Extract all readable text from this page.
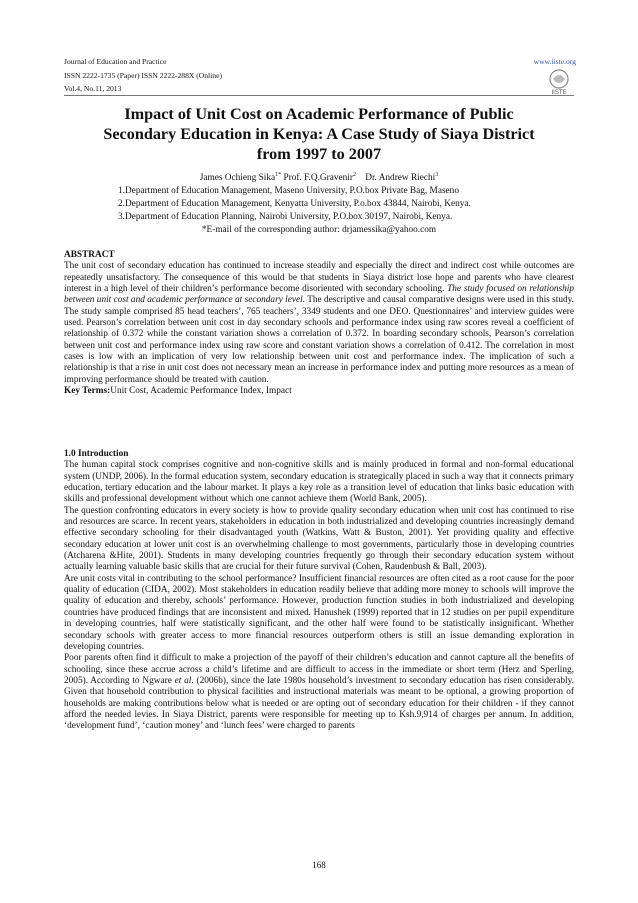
Journal of Education and Practice
ISSN 2222-1735 (Paper) ISSN 2222-288X (Online)
Vol.4, No.11, 2013
www.iiste.org
IISTE
Impact of Unit Cost on Academic Performance of Public
Secondary Education in Kenya: A Case Study of Siaya District
from 1997 to 2007
James Ochieng Sika$^{1*}$ Prof. F.Q.Gravenir$^2$ Dr. Andrew Riechi$^3$
1.Department of Education Management, Maseno University, P.O.box Private Bag, Maseno
2.Department of Education Management, Kenyatta University, P.o.box 43844, Nairobi, Kenya.
3.Department of Education Planning, Nairobi University, P.O.box 30197, Nairobi, Kenya.
*E-mail of the corresponding author: drjamessika@yahoo.com
ABSTRACT

The unit cost of secondary education has continued to increase steadily and especially the direct and indirect cost while outcomes are repeatedly unsatisfactory. The consequence of this would be that students in Siaya district lose hope and parents who have clearest interest in a high level of their children’s performance become disoriented with secondary schooling. The study focused on relationship between unit cost and academic performance at secondary level. The descriptive and causal comparative designs were used in this study. The study sample comprised 85 head teachers’, 765 teachers’, 3349 students and one DEO. Questionnaires’ and interview guides were used. Pearson’s correlation between unit cost in day secondary schools and performance index using raw scores reveal a coefficient of relationship of 0.372 while the constant variation shows a correlation of 0.372. In boarding secondary schools, Pearson’s correlation between unit cost and performance index using raw score and constant variation shows a correlation of 0.412. The correlation in most cases is low with an implication of very low relationship between unit cost and performance index. The implication of such a relationship is that a rise in unit cost does not necessary mean an increase in performance index and putting more resources as a mean of improving performance should be treated with caution.

Key Terms:Unit Cost, Academic Performance Index, Impact
1.0 Introduction

The human capital stock comprises cognitive and non-cognitive skills and is mainly produced in formal and non-formal educational system (UNDP, 2006). In the formal education system, secondary education is strategically placed in such a way that it connects primary education, tertiary education and the labour market. It plays a key role as a transition level of education that links basic education with skills and professional development without which one cannot achieve them (World Bank, 2005).

The question confronting educators in every society is how to provide quality secondary education when unit cost has continued to rise and resources are scarce. In recent years, stakeholders in education in both industrialized and developing countries increasingly demand effective secondary schooling for their disadvantaged youth (Watkins, Watt & Buston, 2001). Yet providing quality and effective secondary education at lower unit cost is an overwhelming challenge to most governments, particularly those in developing countries (Atcharena &Hite, 2001). Students in many developing countries frequently go through their secondary education system without actually learning valuable basic skills that are crucial for their future survival (Cohen, Raudenbush & Ball, 2003).

Are unit costs vital in contributing to the school performance? Insufficient financial resources are often cited as a root cause for the poor quality of education (CIDA, 2002). Most stakeholders in education readily believe that adding more money to schools will improve the quality of education and thereby, schools’ performance. However, production function studies in both industrialized and developing countries have produced findings that are inconsistent and mixed. Hanushek (1999) reported that in 12 studies on per pupil expenditure in developing countries, half were statistically significant, and the other half were found to be statistically insignificant. Whether secondary schools with greater access to more financial resources outperform others is still an issue demanding exploration in developing countries.

Poor parents often find it difficult to make a projection of the payoff of their children’s education and cannot capture all the benefits of schooling, since these accrue across a child’s lifetime and are difficult to access in the immediate or short term (Herz and Sperling, 2005). According to Ngware et al. (2006b), since the late 1980s household’s investment to secondary education has risen considerably. Given that household contribution to physical facilities and instructional materials was meant to be optional, a growing proportion of households are making contributions below what is needed or are opting out of secondary education for their children - if they cannot afford the needed levies. In Siaya District, parents were responsible for meeting up to Ksh.9,914 of charges per annum. In addition, ‘development fund’, ‘caution money’ and ‘lunch fees’ were charged to parents

168
